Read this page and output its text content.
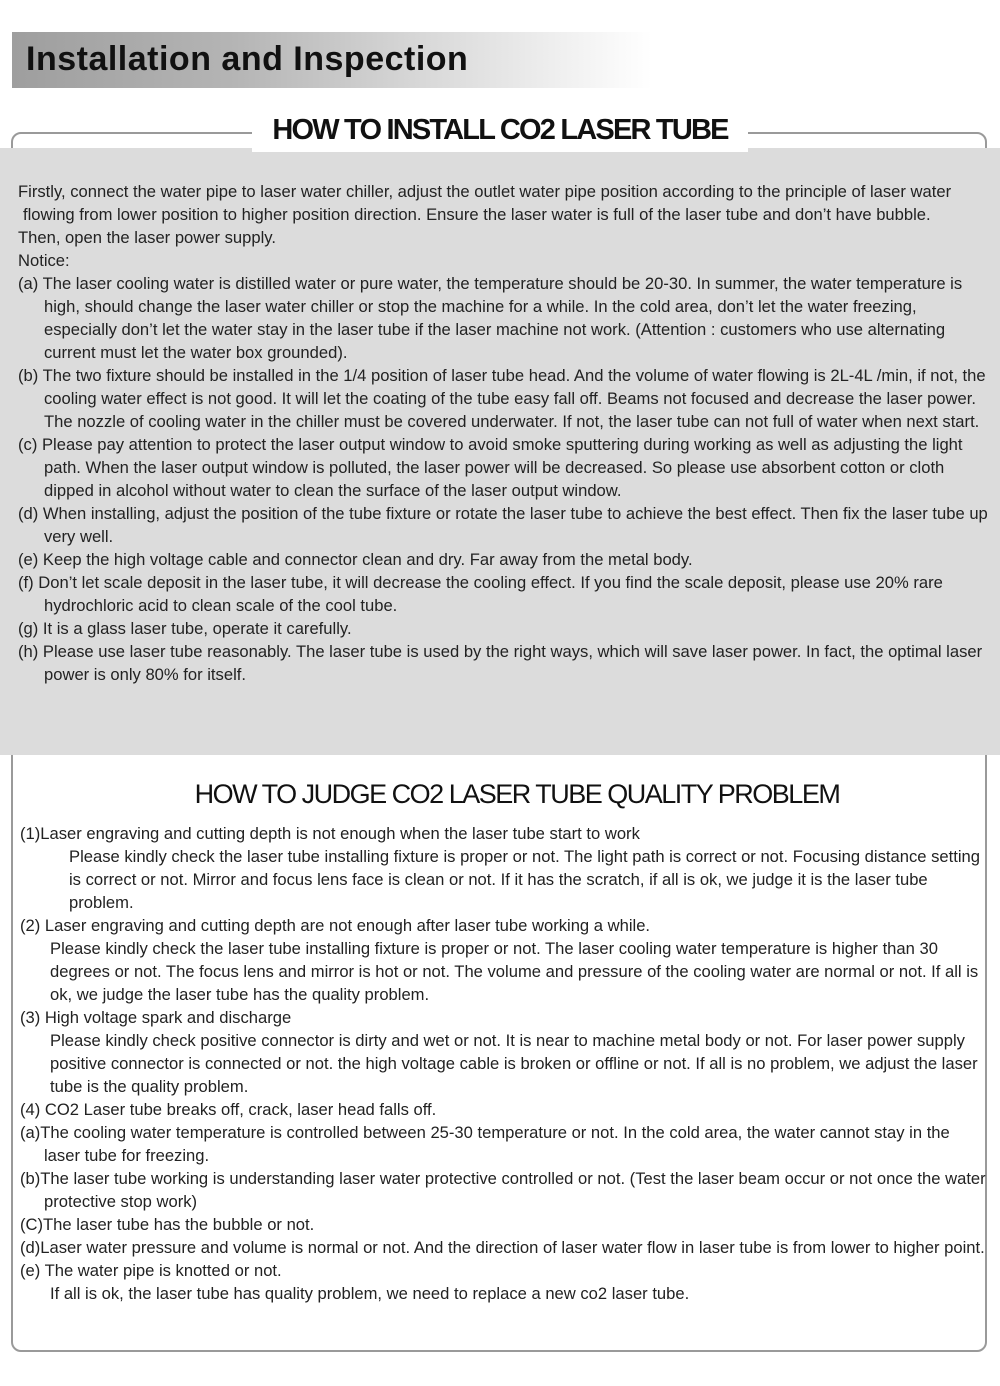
Installation and Inspection
HOW TO INSTALL CO2 LASER TUBE

Firstly, connect the water pipe to laser water chiller, adjust the outlet water pipe position according to the principle of laser water flowing from lower position to higher position direction. Ensure the laser water is full of the laser tube and don’t have bubble.

Then, open the laser power supply.

Notice:

(a) The laser cooling water is distilled water or pure water, the temperature should be 20-30. In summer, the water temperature is high, should change the laser water chiller or stop the machine for a while. In the cold area, don’t let the water freezing, especially don’t let the water stay in the laser tube if the laser machine not work. (Attention : customers who use alternating current must let the water box grounded).

(b) The two fixture should be installed in the 1/4 position of laser tube head. And the volume of water flowing is 2L-4L /min, if not, the cooling water effect is not good. It will let the coating of the tube easy fall off. Beams not focused and decrease the laser power. The nozzle of cooling water in the chiller must be covered underwater. If not, the laser tube can not full of water when next start.

(c) Please pay attention to protect the laser output window to avoid smoke sputtering during working as well as adjusting the light path. When the laser output window is polluted, the laser power will be decreased. So please use absorbent cotton or cloth dipped in alcohol without water to clean the surface of the laser output window.

(d) When installing, adjust the position of the tube fixture or rotate the laser tube to achieve the best effect. Then fix the laser tube up very well.

(e) Keep the high voltage cable and connector clean and dry. Far away from the metal body.

(f) Don’t let scale deposit in the laser tube, it will decrease the cooling effect. If you find the scale deposit, please use 20% rare hydrochloric acid to clean scale of the cool tube.

(g) It is a glass laser tube, operate it carefully.

(h) Please use laser tube reasonably. The laser tube is used by the right ways, which will save laser power. In fact, the optimal laser power is only 80% for itself.

HOW TO JUDGE CO2 LASER TUBE QUALITY PROBLEM

(1)Laser engraving and cutting depth is not enough when the laser tube start to work

Please kindly check the laser tube installing fixture is proper or not. The light path is correct or not. Focusing distance setting is correct or not. Mirror and focus lens face is clean or not. If it has the scratch, if all is ok, we judge it is the laser tube problem.

(2) Laser engraving and cutting depth are not enough after laser tube working a while.

Please kindly check the laser tube installing fixture is proper or not. The laser cooling water temperature is higher than 30 degrees or not. The focus lens and mirror is hot or not. The volume and pressure of the cooling water are normal or not. If all is ok, we judge the laser tube has the quality problem.

(3) High voltage spark and discharge

Please kindly check positive connector is dirty and wet or not. It is near to machine metal body or not. For laser power supply positive connector is connected or not. the high voltage cable is broken or offline or not. If all is no problem, we adjust the laser tube is the quality problem.

(4) CO2 Laser tube breaks off, crack, laser head falls off.

(a)The cooling water temperature is controlled between 25-30 temperature or not. In the cold area, the water cannot stay in the laser tube for freezing.

(b)The laser tube working is understanding laser water protective controlled or not. (Test the laser beam occur or not once the water protective stop work)

(C)The laser tube has the bubble or not.

(d)Laser water pressure and volume is normal or not. And the direction of laser water flow in laser tube is from lower to higher point.

(e) The water pipe is knotted or not.

If all is ok, the laser tube has quality problem, we need to replace a new co2 laser tube.
